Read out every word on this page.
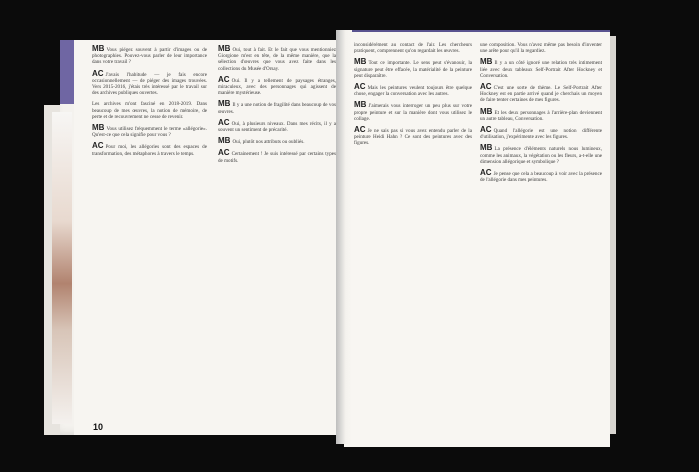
MB Vous piégez souvent à partir d'images ou de photographies. Pouvez-vous parler de leur importance dans votre travail ?

AC J'avais l'habitude — je fais encore occasionnellement — de piéger des images trouvées. Vers 2015-2016, j'étais très intéressé par le travail sur des archives publiques ouvertes.

Les archives m'ont fasciné en 2018-2019. Dans beaucoup de mes œuvres, la notion de mémoire, de perte et de recouvrement ne cesse de revenir.

MB Vous utilisez fréquemment le terme «allégorie». Qu'est-ce que cela signifie pour vous ?

AC Pour moi, les allégories sont des espaces de transformation, des métaphores à travers le temps.

MB Oui, tout à fait. Et le fait que vous mentionniez Giorgione m'est en tête, de la même manière, que la sélection d'œuvres que vous avez faite dans les collections du Musée d'Orsay.

AC Oui. Il y a tellement de paysages étranges, miraculeux, avec des personnages qui agissent de manière mystérieuse.

MB Il y a une notion de fragilité dans beaucoup de vos œuvres.

AC Oui, à plusieurs niveaux. Dans mes récits, il y a souvent un sentiment de précarité.

MB Oui, plutôt nos attributs ou oubliés.

AC Certainement ! Je suis intéressé par certains types de motifs.

inconsidérément au contact de l'air. Les chercheurs pratiquent, comprennent qu'on regardait les œuvres.

MB Tout ce importante. Le sens peut s'évanouir, la signature peut être effacée, la matérialité de la peinture peut disparaître.

AC Mais les peintures veulent toujours être quelque chose, engager la conversation avec les autres.

MB J'aimerais vous interroger un peu plus sur votre propre peinture et sur la manière dont vous utilisez le collage.

AC Je ne sais pas si vous avez entendu parler de la peinture Heidi Hahn ? Ce sont des peintures avec des figures.

une composition. Vous n'avez même pas besoin d'inventer une arête pour qu'il la regardiez.

MB Il y a un côté ignoré une relation très intimement liée avec deux tableaux Self-Portrait After Hockney et Conversation.

AC C'est une sorte de thème. Le Self-Portrait After Hockney est en partie arrivé quand je cherchais un moyen de faire tenter certaines de mes figures.

MB Et les deux personnages à l'arrière-plan deviennent un autre tableau, Conversation.

AC Quand l'allégorie est une notion différente d'utilisation, j'expérimente avec les figures.

MB La présence d'éléments naturels nous lumineux, comme les animaux, la végétation ou les fleurs, a-t-elle une dimension allégorique et symbolique ?

AC Je pense que cela a beaucoup à voir avec la présence de l'allégorie dans mes peintures.

10
